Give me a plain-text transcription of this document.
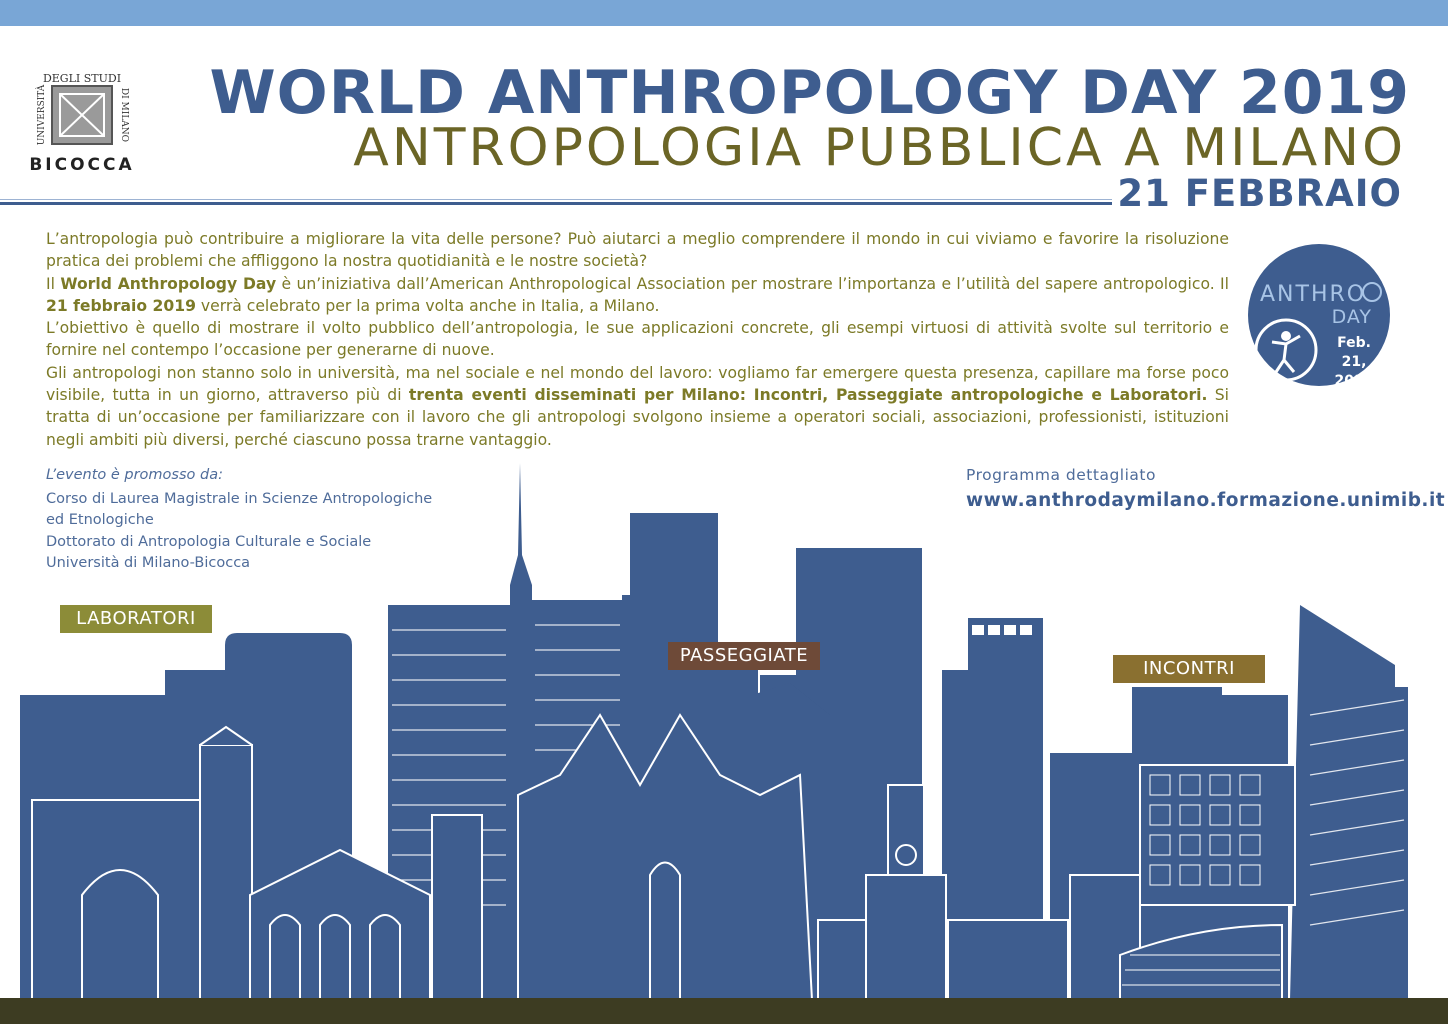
DEGLI STUDI
UNIVERSITÀ	DI MILANO
BICOCCA
WORLD ANTHROPOLOGY DAY 2019
ANTROPOLOGIA PUBBLICA A MILANO
21 FEBBRAIO

L’antropologia può contribuire a migliorare la vita delle persone? Può aiutarci a meglio comprendere il mondo in cui viviamo e favorire la risoluzione pratica dei problemi che affliggono la nostra quotidianità e le nostre società?

Il World Anthropology Day è un’iniziativa dall’American Anthropological Association per mostrare l’importanza e l’utilità del sapere antropologico. Il 21 febbraio 2019 verrà celebrato per la prima volta anche in Italia, a Milano.

L’obiettivo è quello di mostrare il volto pubblico dell’antropologia, le sue applicazioni concrete, gli esempi virtuosi di attività svolte sul territorio e fornire nel contempo l’occasione per generarne di nuove.

Gli antropologi non stanno solo in università, ma nel sociale e nel mondo del lavoro: vogliamo far emergere questa presenza, capillare ma forse poco visibile, tutta in un giorno, attraverso più di trenta eventi disseminati per Milano: Incontri, Passeggiate antropologiche e Laboratori. Si tratta di un’occasione per familiarizzare con il lavoro che gli antropologi svolgono insieme a operatori sociali, associazioni, professionisti, istituzioni negli ambiti più diversi, perché ciascuno possa trarne vantaggio.

ANTHRO
DAY
Feb. 21,
2019
L’evento è promosso da:
Corso di Laurea Magistrale in Scienze Antropologiche
ed Etnologiche
Dottorato di Antropologia Culturale e Sociale
Università di Milano-Bicocca
Programma dettagliato
www.anthrodaymilano.formazione.unimib.it
LABORATORI
PASSEGGIATE
INCONTRI
